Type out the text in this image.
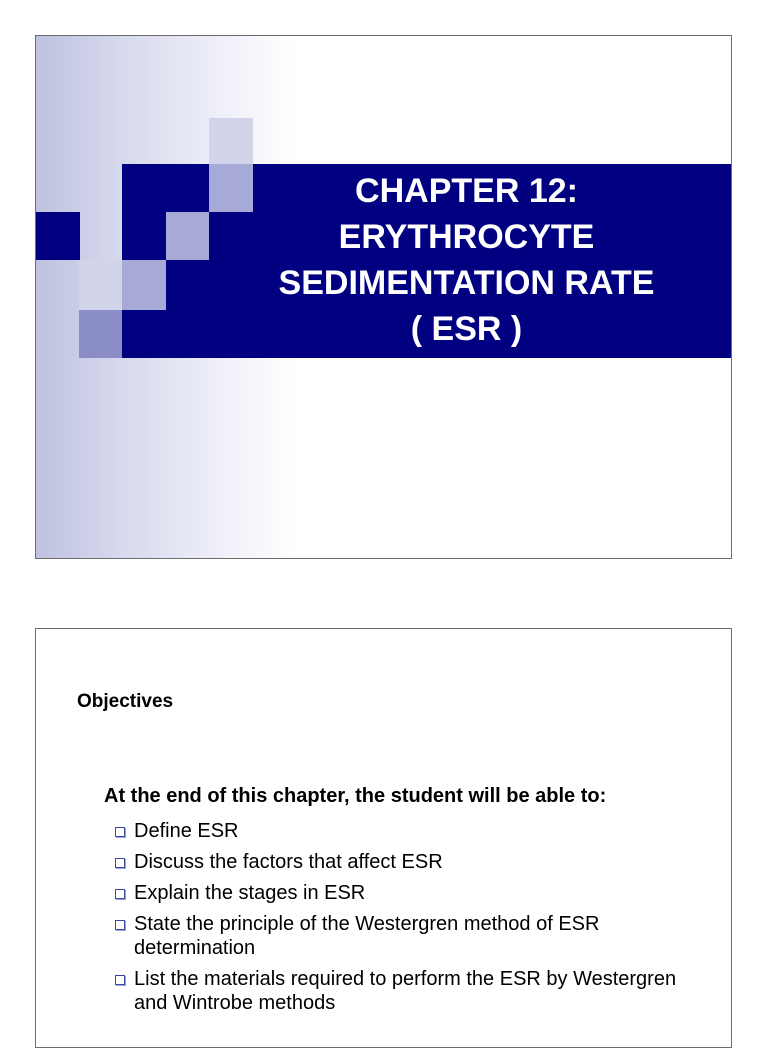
CHAPTER 12:
ERYTHROCYTE
SEDIMENTATION RATE
( ESR )
Objectives

At the end of this chapter, the student will be able to:

Define ESR
Discuss the factors that affect ESR
Explain the stages in ESR
State the principle of the Westergren method of ESR determination
List the materials required to perform the ESR by Westergren and Wintrobe methods
